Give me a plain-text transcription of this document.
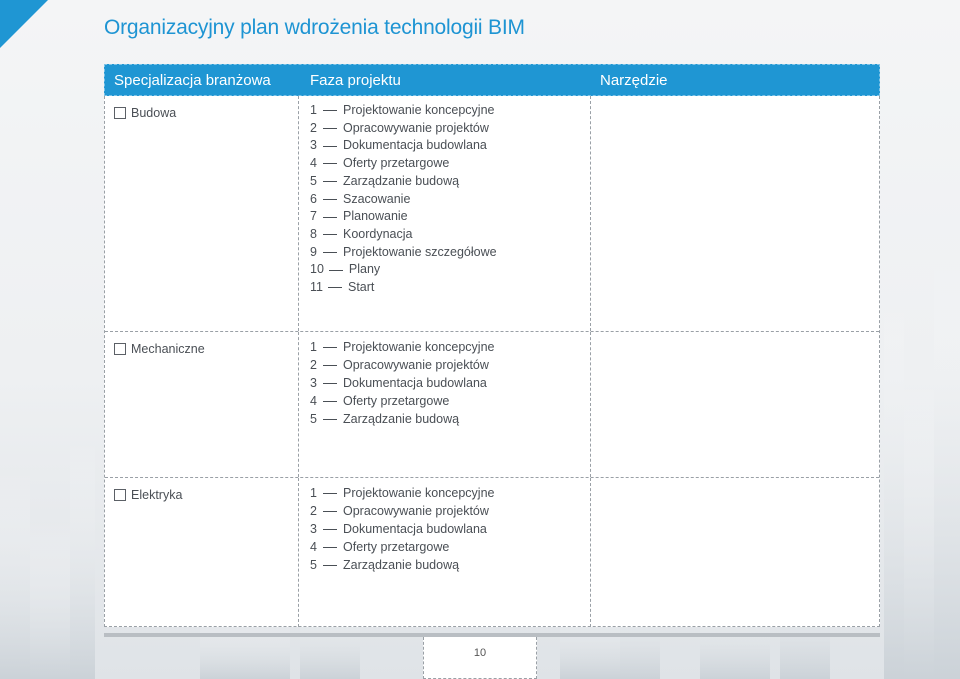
Organizacyjny plan wdrożenia technologii BIM
Specjalizacja branżowa	Faza projektu	Narzędzie
Budowa	1 Projektowanie koncepcyjne
2 Opracowywanie projektów
3 Dokumentacja budowlana
4 Oferty przetargowe
5 Zarządzanie budową
6 Szacowanie
7 Planowanie
8 Koordynacja
9 Projektowanie szczegółowe
10 Plany
11 Start
Mechaniczne	1 Projektowanie koncepcyjne
2 Opracowywanie projektów
3 Dokumentacja budowlana
4 Oferty przetargowe
5 Zarządzanie budową
Elektryka	1 Projektowanie koncepcyjne
2 Opracowywanie projektów
3 Dokumentacja budowlana
4 Oferty przetargowe
5 Zarządzanie budową
10
